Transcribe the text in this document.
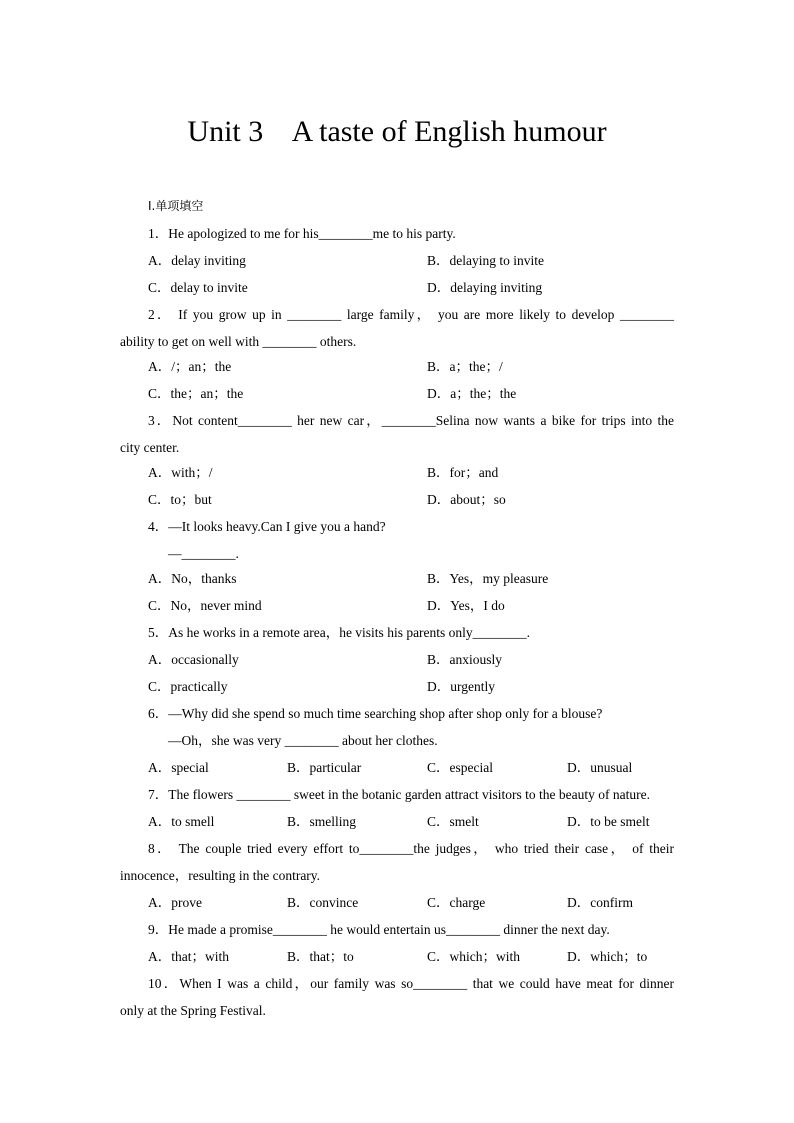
Unit 3    A taste of English humour
Ⅰ.单项填空
1．He apologized to me for his________me to his party.
A．delay inviting	B．delaying to invite
C．delay to invite	D．delaying inviting
2． If you grow up in ________ large family， you are more likely to develop ________
ability to get on well with ________ others.
A．/；an；the	B．a；the；/
C．the；an；the	D．a；the；the
3．Not content________ her new car，________Selina now wants a bike for trips into the
city center.
A．with；/	B．for；and
C．to；but	D．about；so
4．—It looks heavy.Can I give you a hand?
—________.
A．No，thanks	B．Yes，my pleasure
C．No，never mind	D．Yes，I do
5．As he works in a remote area，he visits his parents only________.
A．occasionally	B．anxiously
C．practically	D．urgently
6．—Why did she spend so much time searching shop after shop only for a blouse?
—Oh，she was very ________ about her clothes.
A．special	B．particular	C．especial	D．unusual
7．The flowers ________ sweet in the botanic garden attract visitors to the beauty of nature.
A．to smell	B．smelling	C．smelt	D．to be smelt
8． The couple tried every effort to________the judges， who tried their case， of their
innocence，resulting in the contrary.
A．prove	B．convince	C．charge	D．confirm
9．He made a promise________ he would entertain us________ dinner the next day.
A．that；with	B．that；to	C．which；with	D．which；to
10．When I was a child，our family was so________ that we could have meat for dinner
only at the Spring Festival.
